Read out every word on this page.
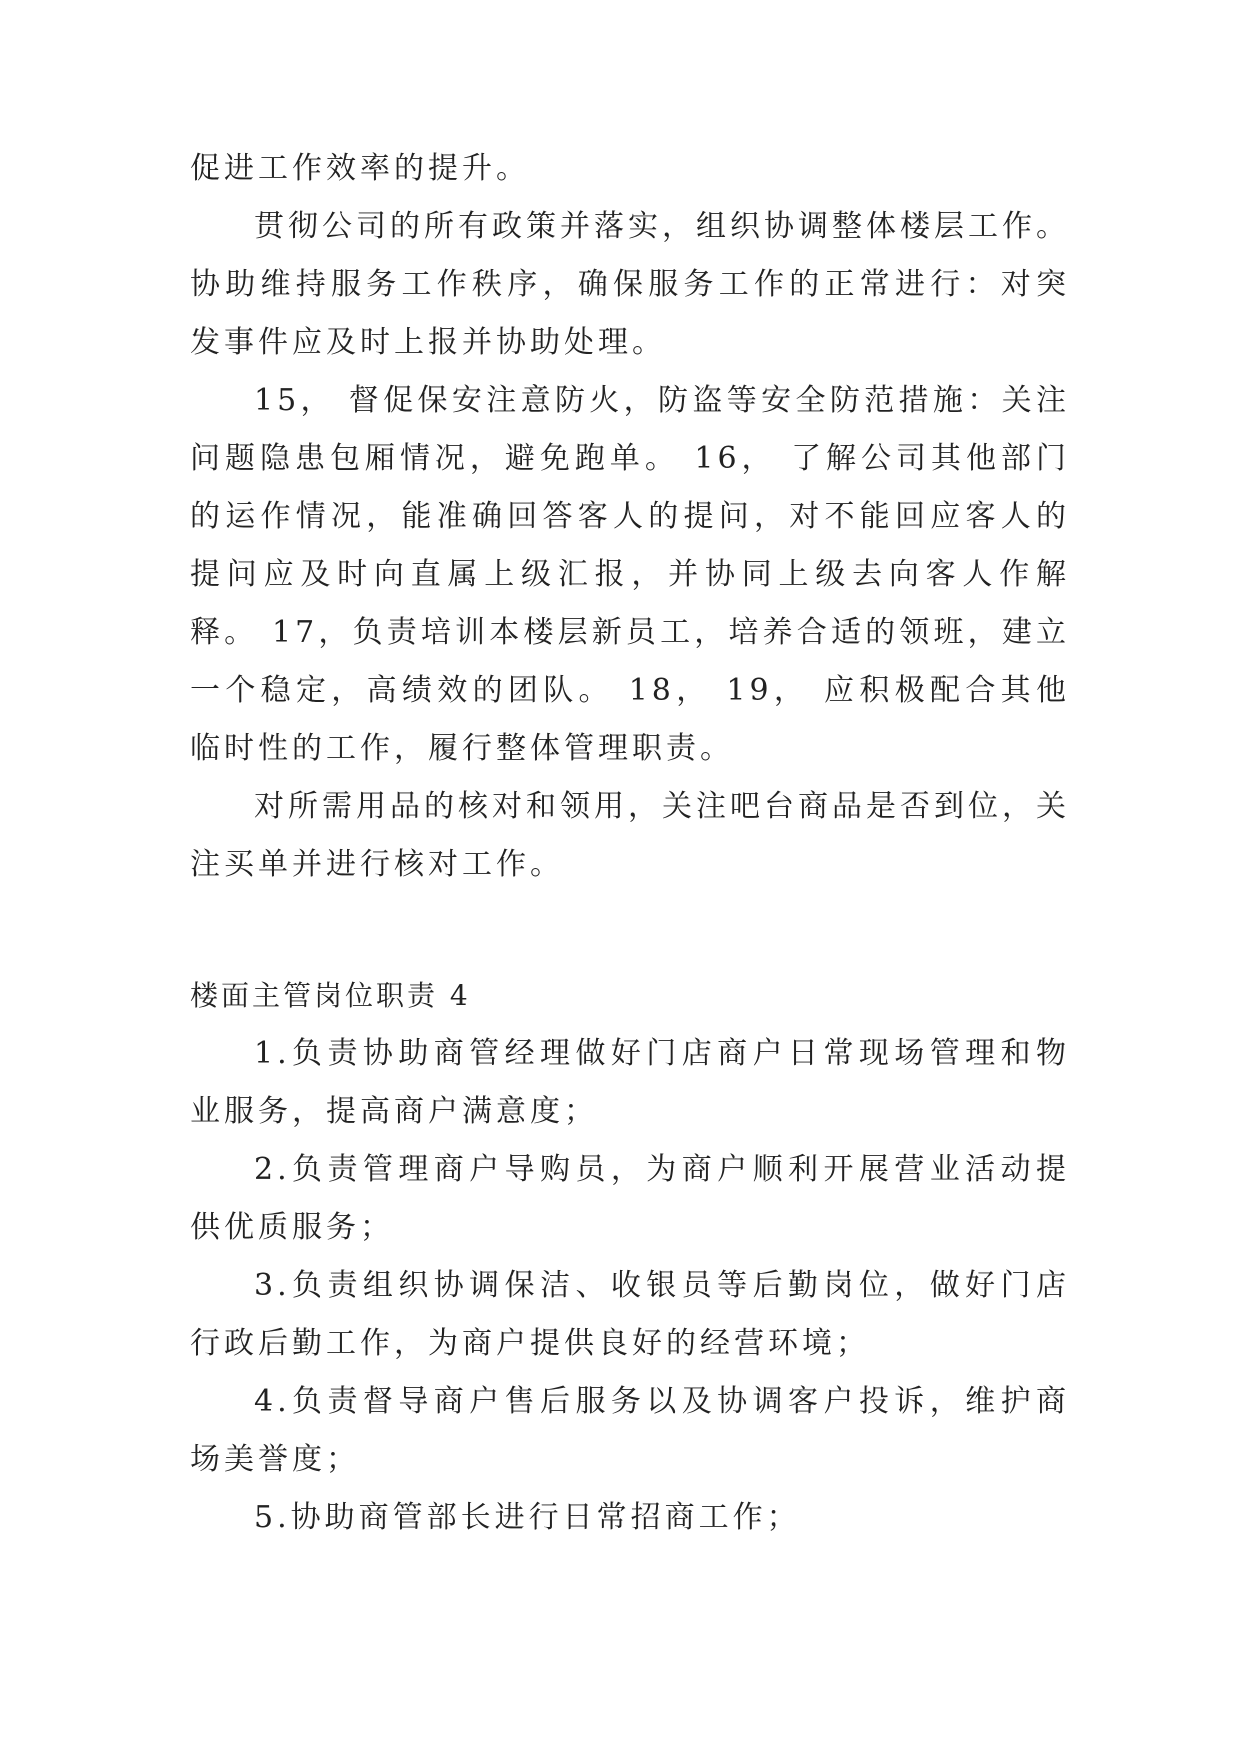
促进工作效率的提升。

贯彻公司的所有政策并落实，组织协调整体楼层工作。协助维持服务工作秩序，确保服务工作的正常进行：对突发事件应及时上报并协助处理。

15， 督促保安注意防火，防盗等安全防范措施：关注问题隐患包厢情况，避免跑单。 16， 了解公司其他部门的运作情况，能准确回答客人的提问，对不能回应客人的提问应及时向直属上级汇报，并协同上级去向客人作解释。 17，负责培训本楼层新员工，培养合适的领班，建立一个稳定，高绩效的团队。 18， 19， 应积极配合其他临时性的工作，履行整体管理职责。

对所需用品的核对和领用，关注吧台商品是否到位，关注买单并进行核对工作。

楼面主管岗位职责 4

1.负责协助商管经理做好门店商户日常现场管理和物业服务，提高商户满意度；

2.负责管理商户导购员，为商户顺利开展营业活动提供优质服务；

3.负责组织协调保洁、收银员等后勤岗位，做好门店行政后勤工作，为商户提供良好的经营环境；

4.负责督导商户售后服务以及协调客户投诉，维护商场美誉度；

5.协助商管部长进行日常招商工作；
